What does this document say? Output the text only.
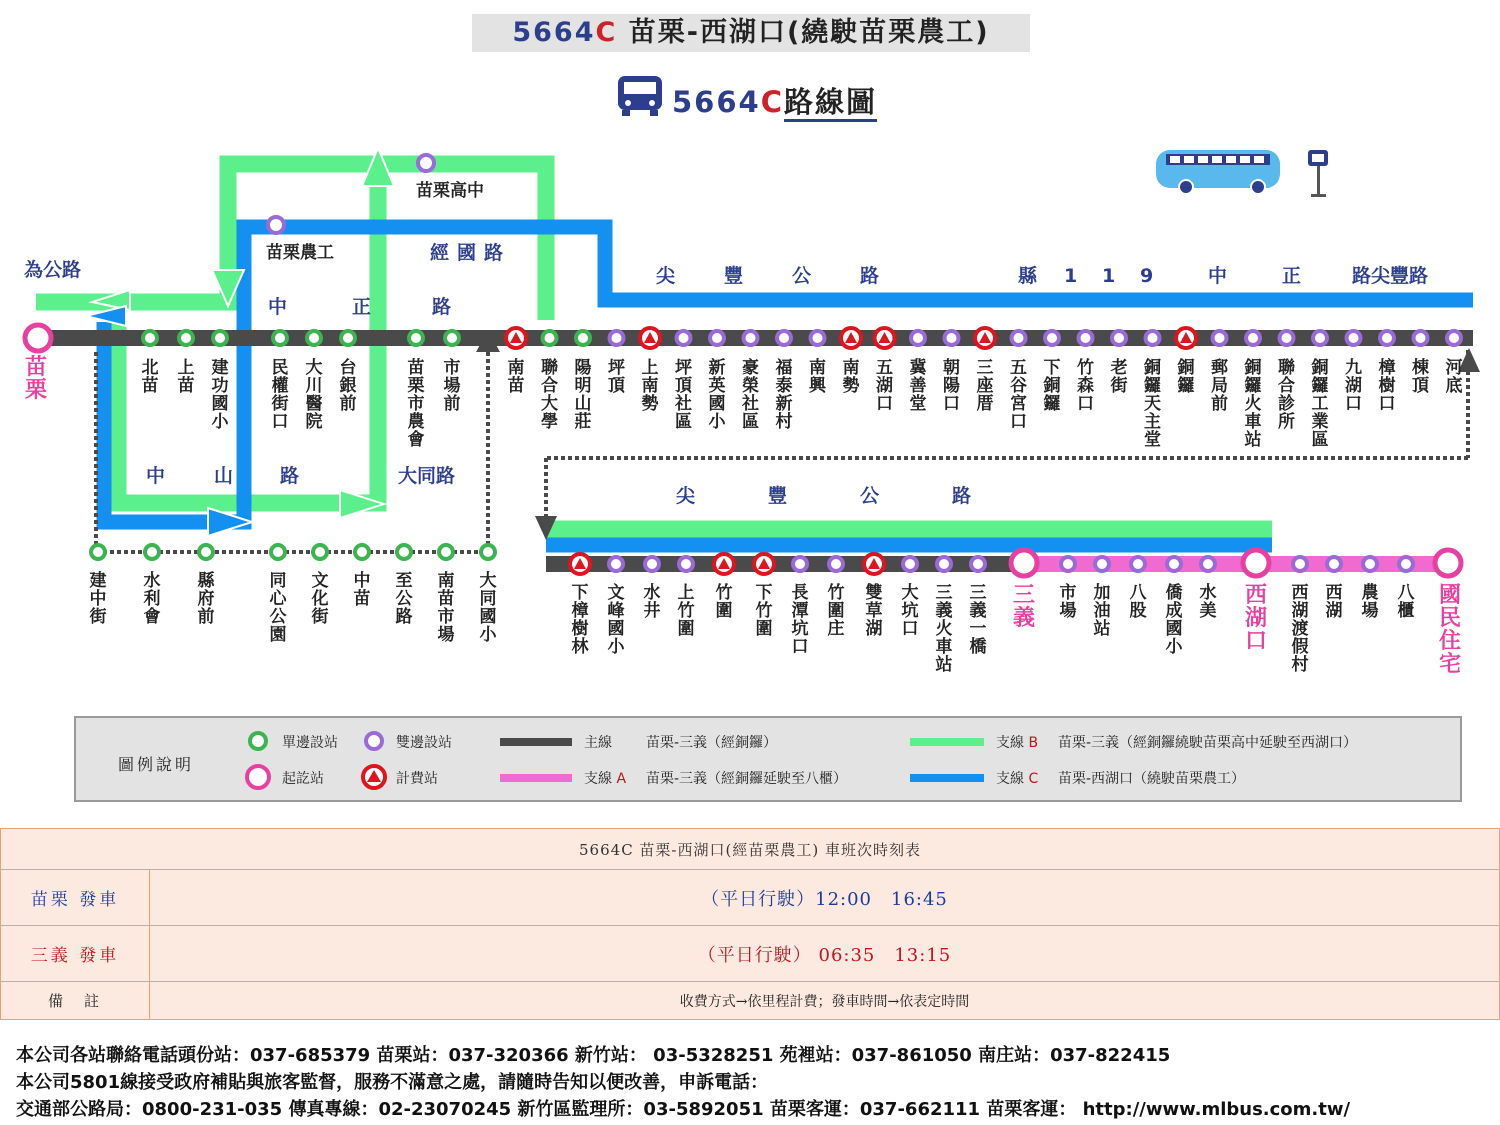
5664C 苗栗-西湖口(繞駛苗栗農工)
5664C路線圖
為公路
中	正	路
經國路
中	山 路	大同路
尖	豐	公	路	縣 1 1 9	中	正	路尖豐路
尖	豐	公	路
苗栗農工
苗栗高中
苗栗
三義
西湖口
國民住宅
北苗
上苗
建功國小
民權街口
大川醫院
台銀前
苗栗市農會
市場前
建中街
水利會
縣府前
同心公園
文化街
中苗
至公路
南苗市場
大同國小
南苗
聯合大學
陽明山莊
坪頂
上南勢
坪頂社區
新英國小
豪榮社區
福泰新村
南興
南勢
五湖口
冀善堂
朝陽口
三座厝
五谷宮口
下銅鑼
竹森口
老街
銅鑼天主堂
銅鑼
郵局前
銅鑼火車站
聯合診所
銅鑼工業區
九湖口
樟樹口
棟頂
河底
下樟樹林
文峰國小
水井
上竹圍
竹圍
下竹圍
長潭坑口
竹圍庄
雙草湖
大坑口
三義火車站
三義一橋
市場
加油站
八股
僑成國小
水美
西湖渡假村
西湖
農場
八櫃
圖例說明
單邊設站
起訖站
雙邊設站
計費站
主線 苗栗-三義（經銅鑼）
支線 A 苗栗-三義（經銅鑼延駛至八櫃）
支線 B 苗栗-三義（經銅鑼繞駛苗栗高中延駛至西湖口）
支線 C 苗栗-西湖口（繞駛苗栗農工）
5664C 苗栗-西湖口(經苗栗農工) 車班次時刻表	
苗栗 發車	（平日行駛）12:00　16:45
三義 發車	（平日行駛） 06:35　13:15
備　註	收費方式→依里程計費；發車時間→依表定時間
本公司各站聯絡電話頭份站：037-685379 苗栗站：037-320366 新竹站： 03-5328251 苑裡站：037-861050 南庄站：037-822415
本公司5801線接受政府補貼與旅客監督，服務不滿意之處，請隨時告知以便改善，申訴電話：
交通部公路局：0800-231-035 傳真專線：02-23070245 新竹區監理所：03-5892051 苗栗客運：037-662111 苗栗客運： http://www.mlbus.com.tw/
